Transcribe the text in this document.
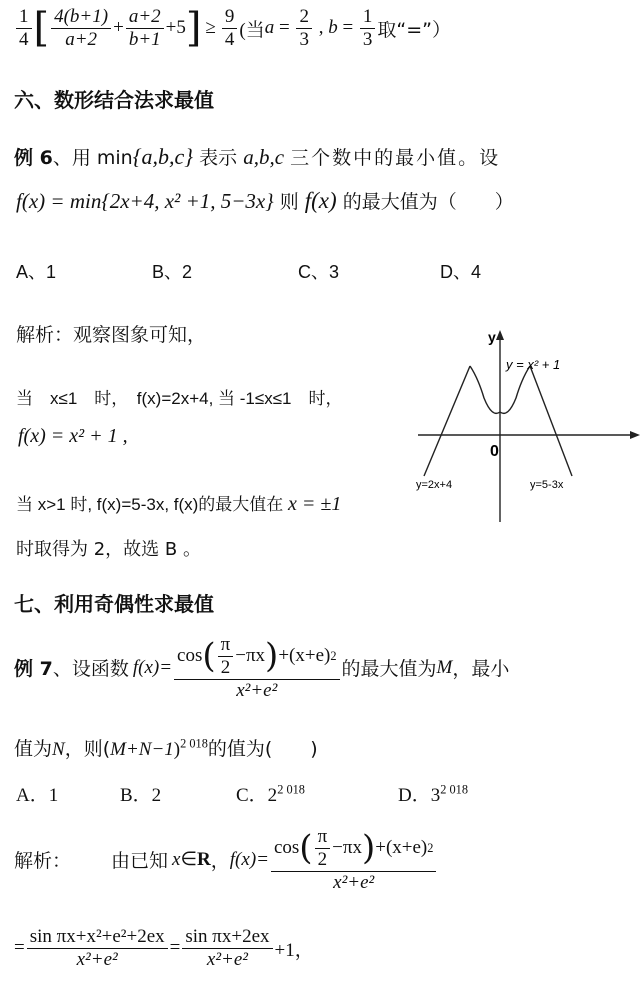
$\frac{1}{4}$ [ $\frac{4(b+1)}{a+2} + \frac{a+2}{b+1} +5$ ] ≥ $\frac{9}{4}$ (当 $a = \frac{2}{3}$ , $b = \frac{1}{3}$ 取“=”）
六、数形结合法求最值
例 6、用 min{a,b,c} 表示 a,b,c 三个数中的最小值。设
f(x) = min{2x+4, x² +1, 5−3x} 则 f(x) 的最大值为（　　）
A、1	B、2	C、3	D、4
解析：观察图象可知，
当　x≤1　时，　f(x)=2x+4, 当 -1≤x≤1　时，
f(x) = x² + 1 ,
当 x>1 时, f(x)=5-3x, f(x)的最大值在 x = ±1
时取得为 2，故选 B 。
y
0
y = x² + 1
y=2x+4	y=5-3x
七、利用奇偶性求最值
例 7 、设函数 $f(x)= \frac{\cos ( \frac{\pi}{2} -\pi x ) +(x+e) 2}{\text{x²+e²}}$ 的最大值为 M ，最小
值为N，则$(M+N-1)^{2 018}$的值为(　　)
A．1	B．2	C．$2^{2 018}$	D．$3^{2 018}$
解析： 由已知 x ∈ R ， $f(x)= \frac{\cos ( \frac{\pi}{2} -\pi x ) +(x+e) 2}{\text{x²+e²}}$
= $\frac{\text{sin πx+x²+e²+2ex}}{\text{x²+e²}} = \frac{\text{sin πx+2ex}}{\text{x²+e²}} +1$，
